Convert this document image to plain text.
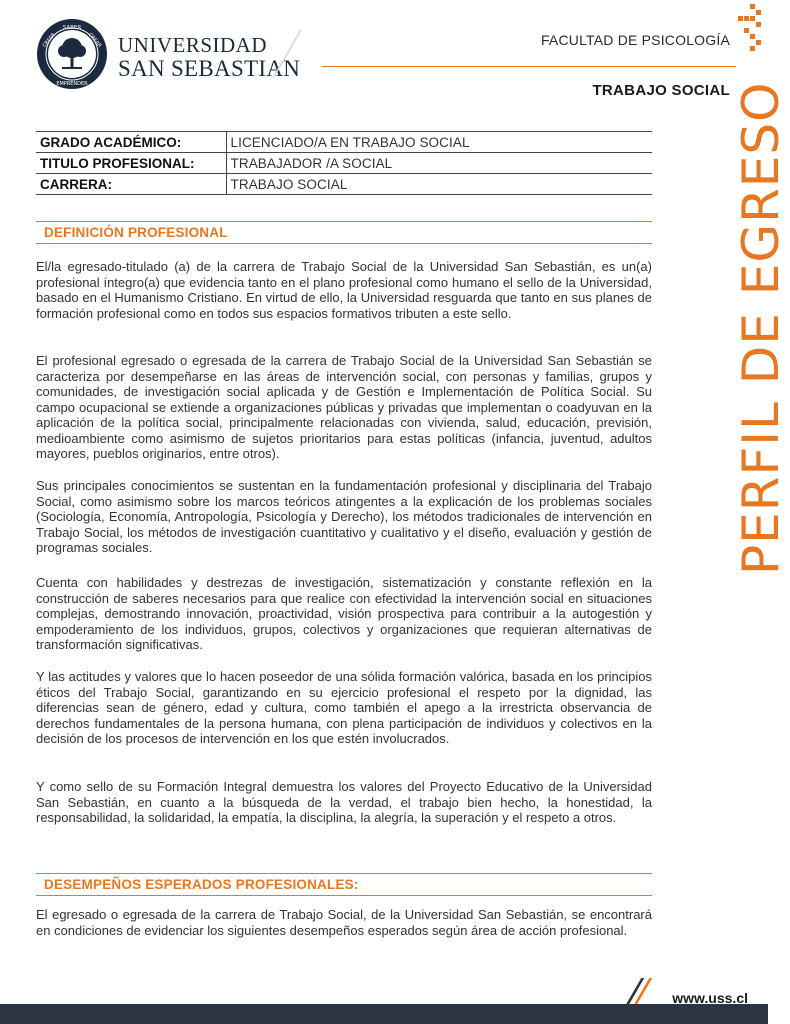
SABER
CREER	CREAR
EMPRENDER
UNIVERSIDAD
SAN SEBASTIAN
FACULTAD DE PSICOLOGÍA
TRABAJO SOCIAL
GRADO ACADÉMICO:	LICENCIADO/A EN TRABAJO SOCIAL
TITULO PROFESIONAL:	TRABAJADOR /A SOCIAL
CARRERA:	TRABAJO SOCIAL
DEFINICIÓN PROFESIONAL

El/la egresado-titulado (a) de la carrera de Trabajo Social de la Universidad San Sebastián, es un(a) profesional íntegro(a) que evidencia tanto en el plano profesional como humano el sello de la Universidad, basado en el Humanismo Cristiano. En virtud de ello, la Universidad resguarda que tanto en sus planes de formación profesional como en todos sus espacios formativos tributen a este sello.

El profesional egresado o egresada de la carrera de Trabajo Social de la Universidad San Sebastián se caracteriza por desempeñarse en las áreas de intervención social, con personas y familias, grupos y comunidades, de investigación social aplicada y de Gestión e Implementación de Política Social. Su campo ocupacional se extiende a organizaciones públicas y privadas que implementan o coadyuvan en la aplicación de la política social, principalmente relacionadas con vivienda, salud, educación, previsión, medioambiente como asimismo de sujetos prioritarios para estas políticas (infancia, juventud, adultos mayores, pueblos originarios, entre otros).

Sus principales conocimientos se sustentan en la fundamentación profesional y disciplinaria del Trabajo Social, como asimismo sobre los marcos teóricos atingentes a la explicación de los problemas sociales (Sociología, Economía, Antropología, Psicología y Derecho), los métodos tradicionales de intervención en Trabajo Social, los métodos de investigación cuantitativo y cualitativo y el diseño, evaluación y gestión de programas sociales.

Cuenta con habilidades y destrezas de investigación, sistematización y constante reflexión en la construcción de saberes necesarios para que realice con efectividad la intervención social en situaciones complejas, demostrando innovación, proactividad, visión prospectiva para contribuir a la autogestión y empoderamiento de los individuos, grupos, colectivos y organizaciones que requieran alternativas de transformación significativas.

Y las actitudes y valores que lo hacen poseedor de una sólida formación valórica, basada en los principios éticos del Trabajo Social, garantizando en su ejercicio profesional el respeto por la dignidad, las diferencias sean de género, edad y cultura, como también el apego a la irrestricta observancia de derechos fundamentales de la persona humana, con plena participación de individuos y colectivos en la decisión de los procesos de intervención en los que estén involucrados.

Y como sello de su Formación Integral demuestra los valores del Proyecto Educativo de la Universidad San Sebastián, en cuanto a la búsqueda de la verdad, el trabajo bien hecho, la honestidad, la responsabilidad, la solidaridad, la empatía, la disciplina, la alegría, la superación y el respeto a otros.

DESEMPEÑOS ESPERADOS PROFESIONALES:

El egresado o egresada de la carrera de Trabajo Social, de la Universidad San Sebastián, se encontrará en condiciones de evidenciar los siguientes desempeños esperados según área de acción profesional.

PERFIL DE EGRESO
www.uss.cl
